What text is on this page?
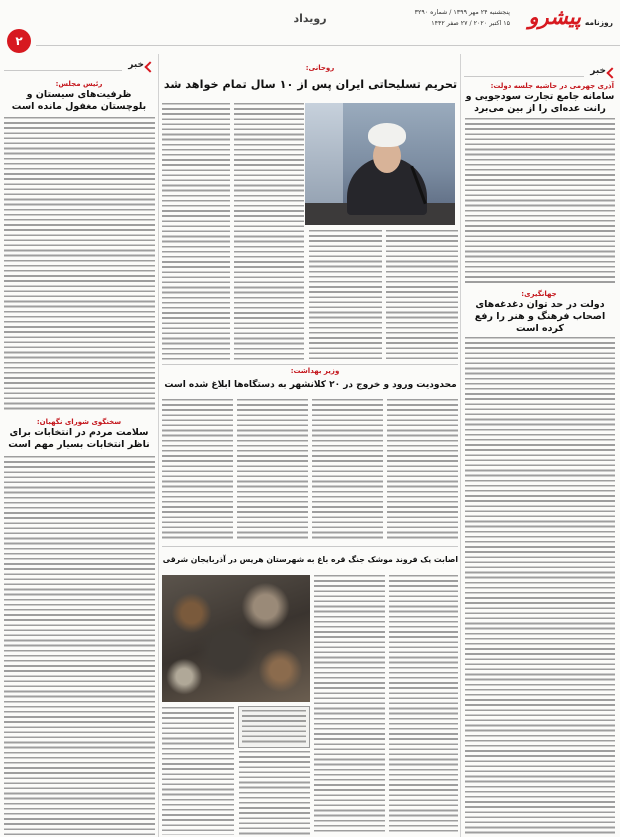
روزنامه
پیشرو
پنجشنبه ۲۴ مهر ۱۳۹۹ / شماره ۳۲۹۰
۱۵ اکتبر ۲۰۲۰ / ۲۷ صفر ۱۴۴۲
رویداد
۲
خبر
آذری جهرمی در حاشیه جلسه دولت:
سامانه جامع تجارت سودجویی و رانت عده‌ای را از بین می‌برد
جهانگیری:
دولت در حد توان دغدغه‌های اصحاب فرهنگ و هنر را رفع کرده است
خبر
رئیس مجلس:
ظرفیت‌های سیستان و بلوچستان مغفول مانده است
سخنگوی شورای نگهبان:
سلامت مردم در انتخابات برای ناظر انتخابات بسیار مهم است
روحانی:
تحریم تسلیحاتی ایران پس از ۱۰ سال تمام خواهد شد
وزیر بهداشت:
محدودیت ورود و خروج در ۲۰ کلانشهر به دستگاه‌ها ابلاغ شده است
اصابت یک فروند موشک جنگ قره باغ به شهرستان هریس در آذربایجان شرقی
